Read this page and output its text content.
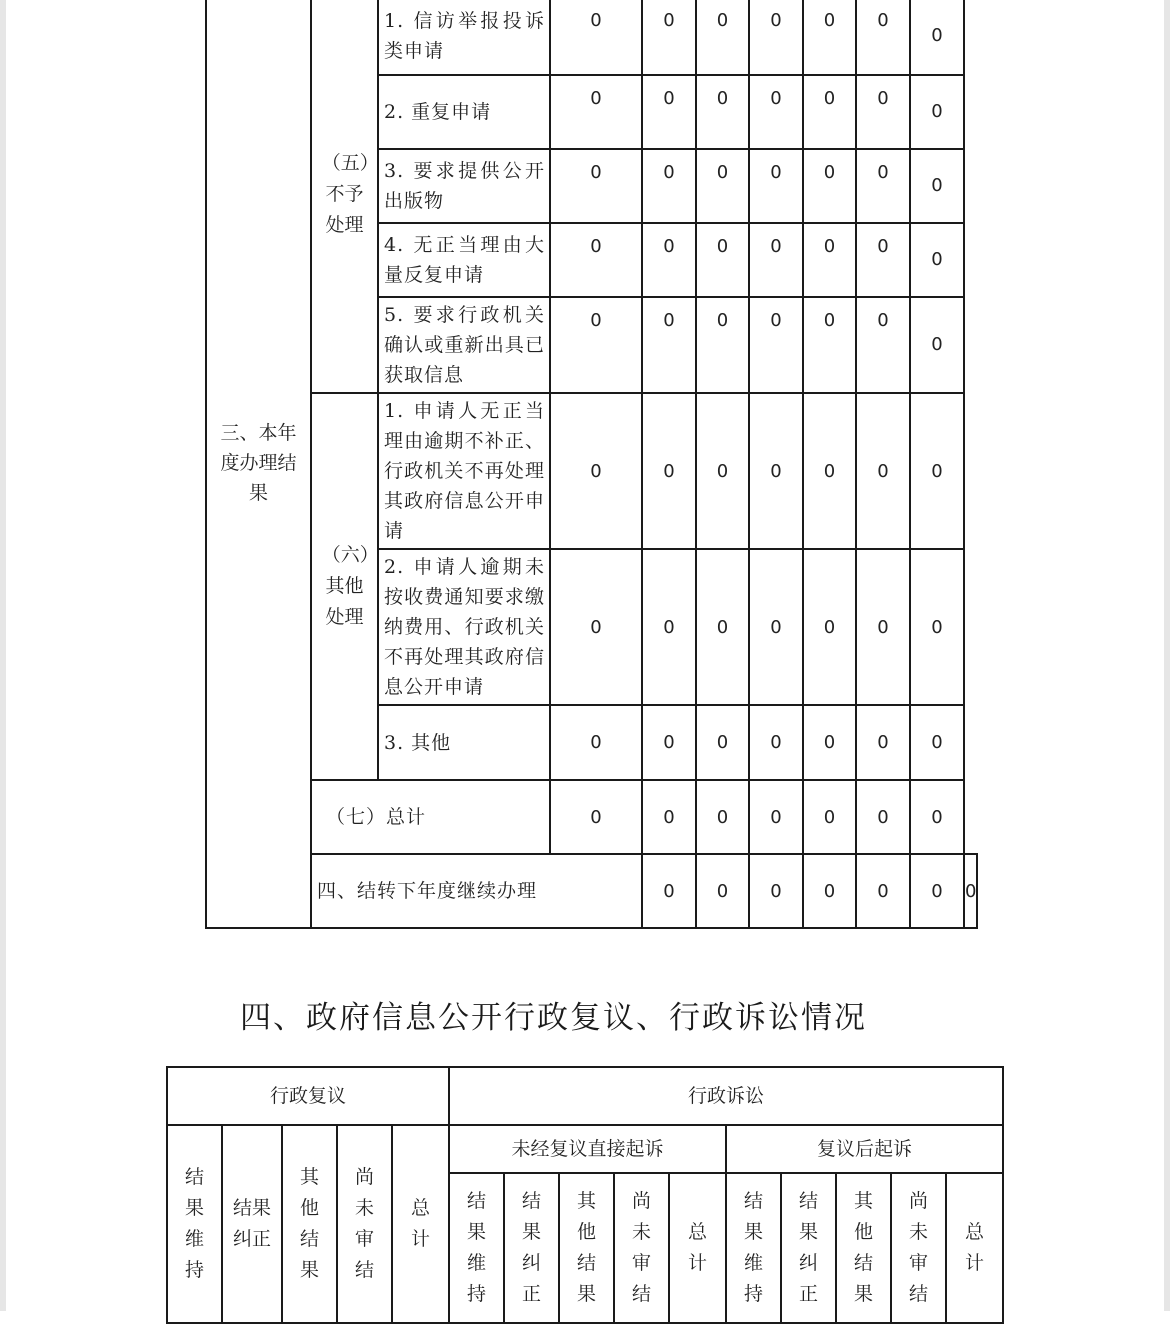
三、本年度办理结果	（五）不予处理	1. 信访举报投诉类申请	0	0	0	0	0	0	0	
		2. 重复申请	0	0	0	0	0	0	0	
		3. 要求提供公开出版物	0	0	0	0	0	0	0	
		4. 无正当理由大量反复申请	0	0	0	0	0	0	0	
		5. 要求行政机关确认或重新出具已获取信息	0	0	0	0	0	0	0	
	（六）其他处理	1. 申请人无正当理由逾期不补正、行政机关不再处理其政府信息公开申请	0	0	0	0	0	0	0	
		2. 申请人逾期未按收费通知要求缴纳费用、行政机关不再处理其政府信息公开申请	0	0	0	0	0	0	0	
		3. 其他	0	0	0	0	0	0	0	
	（七）总计		0	0	0	0	0	0	0	
	四、结转下年度继续办理			0	0	0	0	0	0	0
四、政府信息公开行政复议、行政诉讼情况
行政复议					行政诉讼									
结果维持	结果纠正	其他结果	尚未审结	总计	未经复议直接起诉					复议后起诉				
					结果维持	结果纠正	其他结果	尚未审结	总计	结果维持	结果纠正	其他结果	尚未审结	总计
